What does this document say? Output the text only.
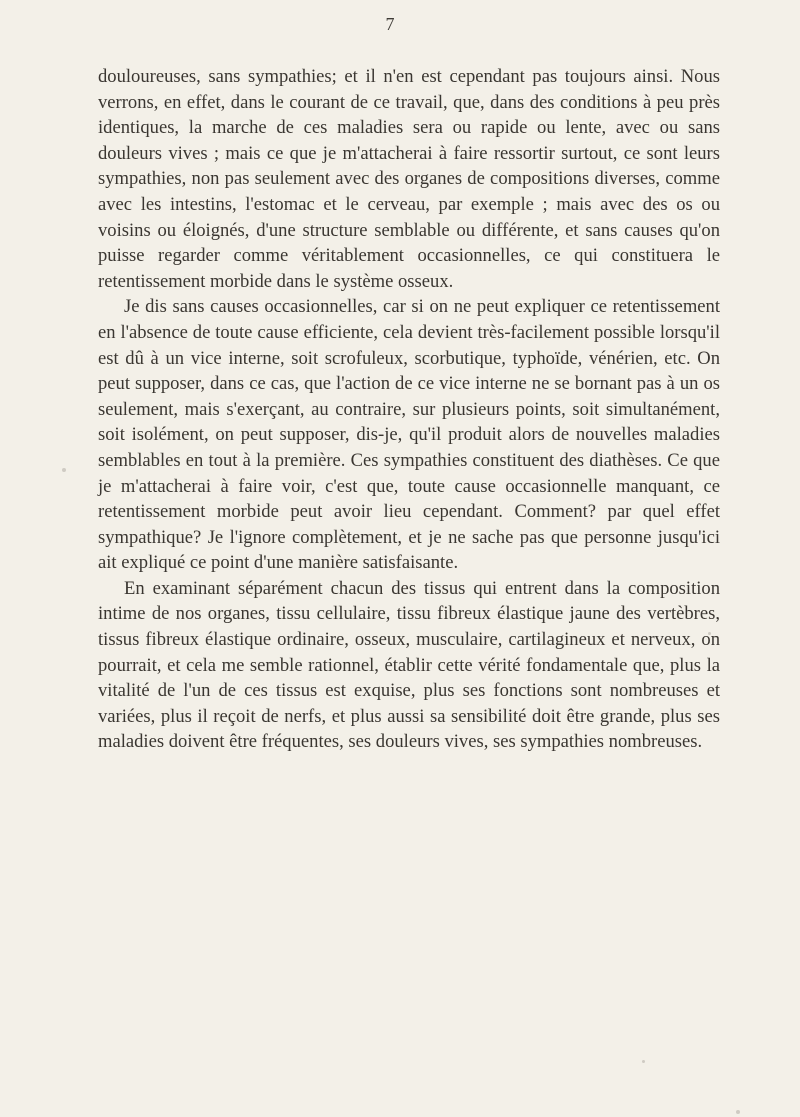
7

douloureuses, sans sympathies; et il n'en est cependant pas toujours ainsi. Nous verrons, en effet, dans le courant de ce travail, que, dans des conditions à peu près identiques, la marche de ces maladies sera ou rapide ou lente, avec ou sans douleurs vives ; mais ce que je m'attacherai à faire ressortir surtout, ce sont leurs sympathies, non pas seulement avec des organes de compositions diverses, comme avec les intestins, l'estomac et le cerveau, par exemple ; mais avec des os ou voisins ou éloignés, d'une structure semblable ou différente, et sans causes qu'on puisse regarder comme véritablement occasionnelles, ce qui constituera le retentissement morbide dans le système osseux.

Je dis sans causes occasionnelles, car si on ne peut expliquer ce retentissement en l'absence de toute cause efficiente, cela devient très-facilement possible lorsqu'il est dû à un vice interne, soit scrofuleux, scorbutique, typhoïde, vénérien, etc. On peut supposer, dans ce cas, que l'action de ce vice interne ne se bornant pas à un os seulement, mais s'exerçant, au contraire, sur plusieurs points, soit simultanément, soit isolément, on peut supposer, dis-je, qu'il produit alors de nouvelles maladies semblables en tout à la première. Ces sympathies constituent des diathèses. Ce que je m'attacherai à faire voir, c'est que, toute cause occasionnelle manquant, ce retentissement morbide peut avoir lieu cependant. Comment? par quel effet sympathique? Je l'ignore complètement, et je ne sache pas que personne jusqu'ici ait expliqué ce point d'une manière satisfaisante.

En examinant séparément chacun des tissus qui entrent dans la composition intime de nos organes, tissu cellulaire, tissu fibreux élastique jaune des vertèbres, tissus fibreux élastique ordinaire, osseux, musculaire, cartilagineux et nerveux, on pourrait, et cela me semble rationnel, établir cette vérité fondamentale que, plus la vitalité de l'un de ces tissus est exquise, plus ses fonctions sont nombreuses et variées, plus il reçoit de nerfs, et plus aussi sa sensibilité doit être grande, plus ses maladies doivent être fréquentes, ses douleurs vives, ses sympathies nombreuses.
